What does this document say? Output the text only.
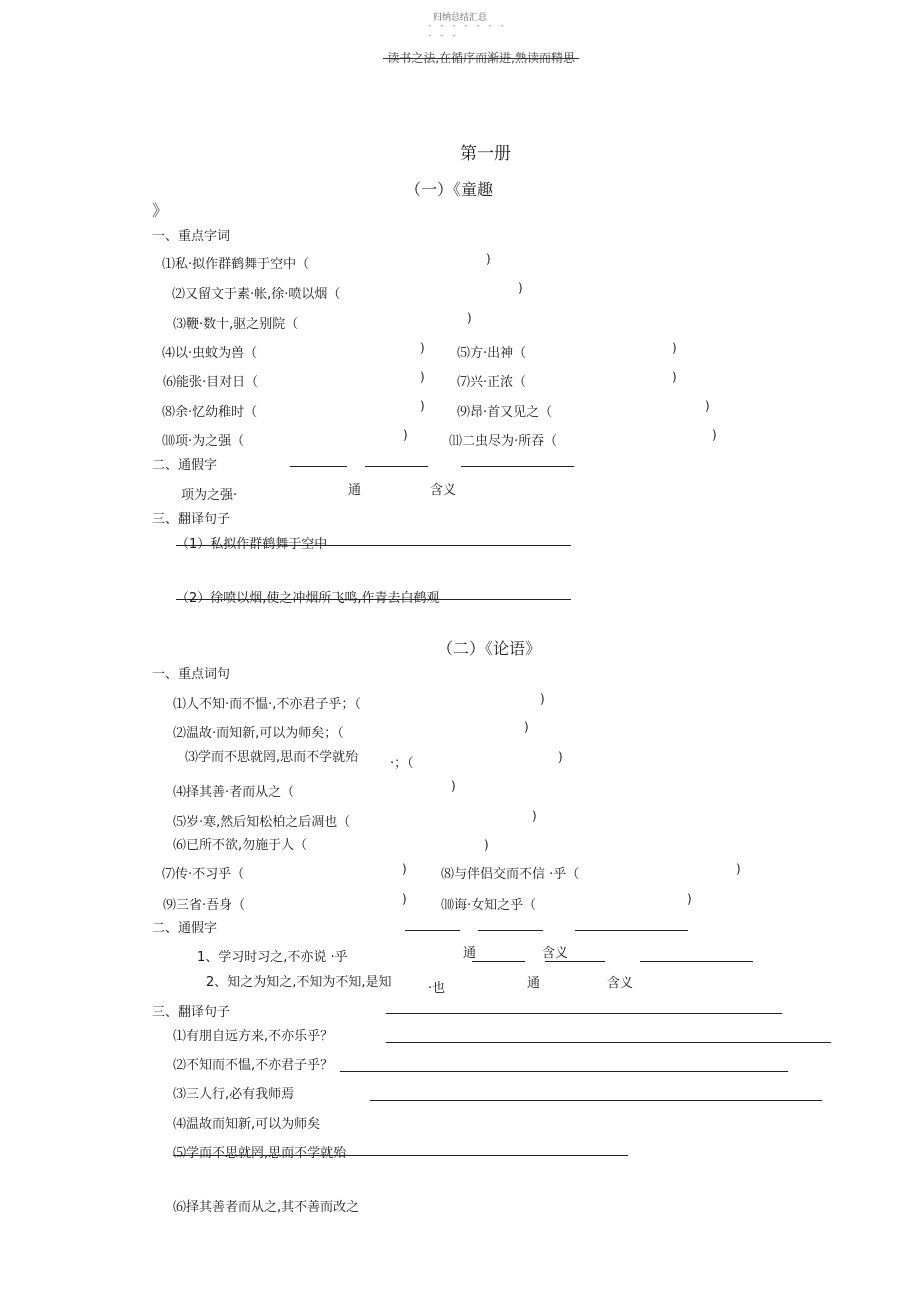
归纳总结汇总
- - - - - - -
- - -
-读书之法,在循序而渐进,熟读而精思-
第一册
（一）《童趣
》
一、重点字词
⑴私·拟作群鹤舞于空中（	)
⑵又留文于素·帐,徐·喷以烟（	)
⑶鞭·数十,驱之别院（	)
⑷以·虫蚊为兽（	) ⑸方·出神（	)
⑹能张·目对日（	) ⑺兴·正浓（	)
⑻余·忆幼稚时（	) ⑼昂·首又见之（	)
⑽项·为之强（	)	⑾二虫尽为·所吞（	)
二、通假字
项为之强·	通	含义
三、翻译句子
（1）私拟作群鹤舞于空中
（2）徐喷以烟,使之冲烟所飞鸣,作青去白鹤观
（二）《论语》
一、重点词句
⑴人不知·而不愠·,不亦君子乎；（	)
⑵温故·而知新,可以为师矣；（	)
⑶学而不思就罔,思而不学就殆 ·；（	)
⑷择其善·者而从之（	)
⑸岁·寒,然后知松柏之后凋也（	)
⑹已所不欲,勿施于人（	)
⑺传·不习乎（	)	⑻与伴侣交而不信 ·乎（	)
⑼三省·吾身（	)	⑽诲·女知之乎（	)
二、通假字
1、学习时习之,不亦说 ·乎	通	含义
2、知之为知之,不知为不知,是知	·也	通	含义
三、翻译句子
⑴有朋自远方来,不亦乐乎？
⑵不知而不愠,不亦君子乎？
⑶三人行,必有我师焉
⑷温故而知新,可以为师矣
⑸学而不思就罔,思而不学就殆
⑹择其善者而从之,其不善而改之
